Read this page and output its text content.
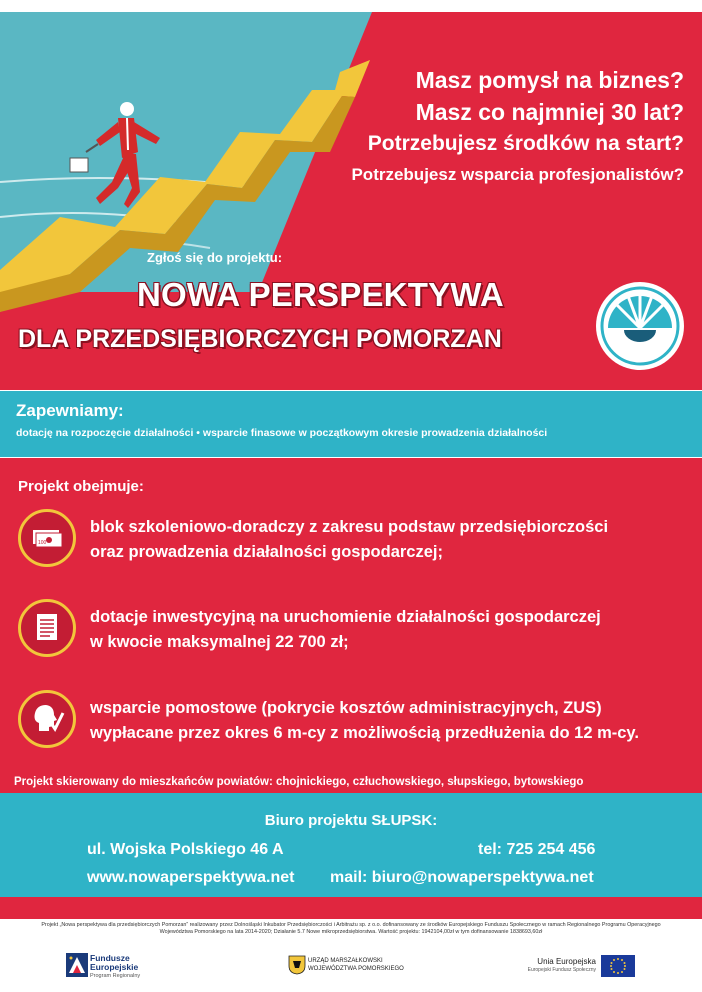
Masz pomysł na biznes?
Masz co najmniej 30 lat?
Potrzebujesz środków na start?
Potrzebujesz wsparcia profesjonalistów?
Zgłoś się do projektu:
NOWA PERSPEKTYWA
DLA PRZEDSIĘBIORCZYCH POMORZAN
Zapewniamy:
dotację na rozpoczęcie działalności • wsparcie finasowe w początkowym okresie prowadzenia działalności
Projekt obejmuje:
100
blok szkoleniowo-doradczy z zakresu podstaw przedsiębiorczości
oraz prowadzenia działalności gospodarczej;
dotacje inwestycyjną na uruchomienie działalności gospodarczej
w kwocie maksymalnej 22 700 zł;
wsparcie pomostowe (pokrycie kosztów administracyjnych, ZUS)
wypłacane przez okres 6 m-cy z możliwością przedłużenia do 12 m-cy.
Projekt skierowany do mieszkańców powiatów: chojnickiego, człuchowskiego, słupskiego, bytowskiego
Biuro projektu SŁUPSK:
ul. Wojska Polskiego 46 A	tel: 725 254 456
www.nowaperspektywa.net mail: biuro@nowaperspektywa.net
Projekt „Nowa perspektywa dla przedsiębiorczych Pomorzan” realizowany przez Dolnośląski Inkubator Przedsiębiorczości i Arbitrażu sp. z o.o. dofinansowany ze środków Europejskiego Funduszu Społecznego w ramach Regionalnego Programu Operacyjnego Województwa Pomorskiego na lata 2014-2020; Działanie 5.7 Nowe mikroprzedsiębiorstwa. Wartość projektu: 1942104,00zł w tym dofinansowanie 1838693,60zł
Fundusze
Europejskie
Program Regionalny
URZĄD MARSZAŁKOWSKI
WOJEWÓDZTWA POMORSKIEGO
Unia Europejska
Europejski Fundusz Społeczny
